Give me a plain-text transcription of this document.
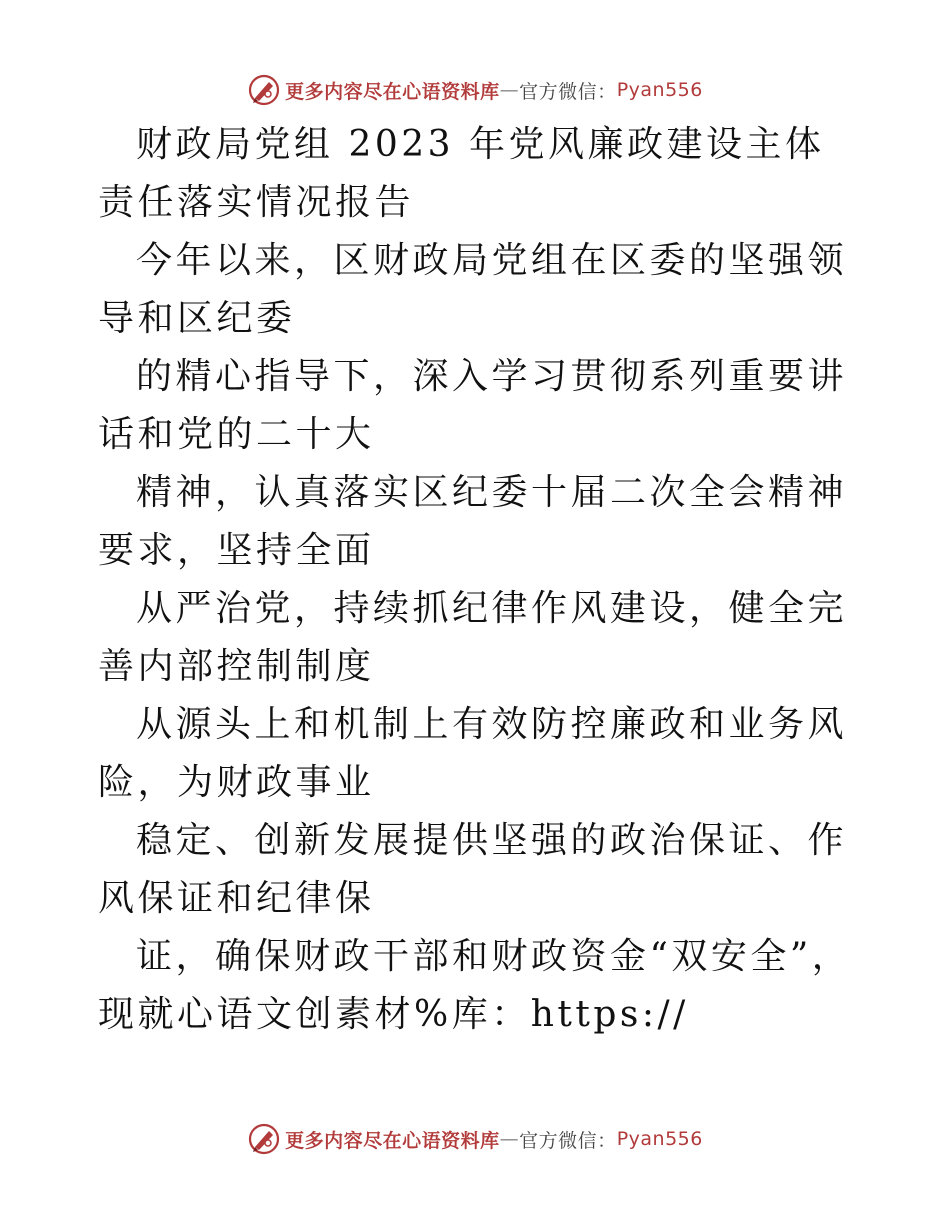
更多内容尽在心语资料库 — 官方微信： Pyan556

财政局党组 2023 年党风廉政建设主体责任落实情况报告

今年以来，区财政局党组在区委的坚强领导和区纪委

的精心指导下，深入学习贯彻系列重要讲话和党的二十大

精神，认真落实区纪委十届二次全会精神要求，坚持全面

从严治党，持续抓纪律作风建设，健全完善内部控制制度

从源头上和机制上有效防控廉政和业务风险，为财政事业

稳定、创新发展提供坚强的政治保证、作风保证和纪律保

证，确保财政干部和财政资金“双安全”，现就心语文创素材%库：https://

更多内容尽在心语资料库 — 官方微信： Pyan556
